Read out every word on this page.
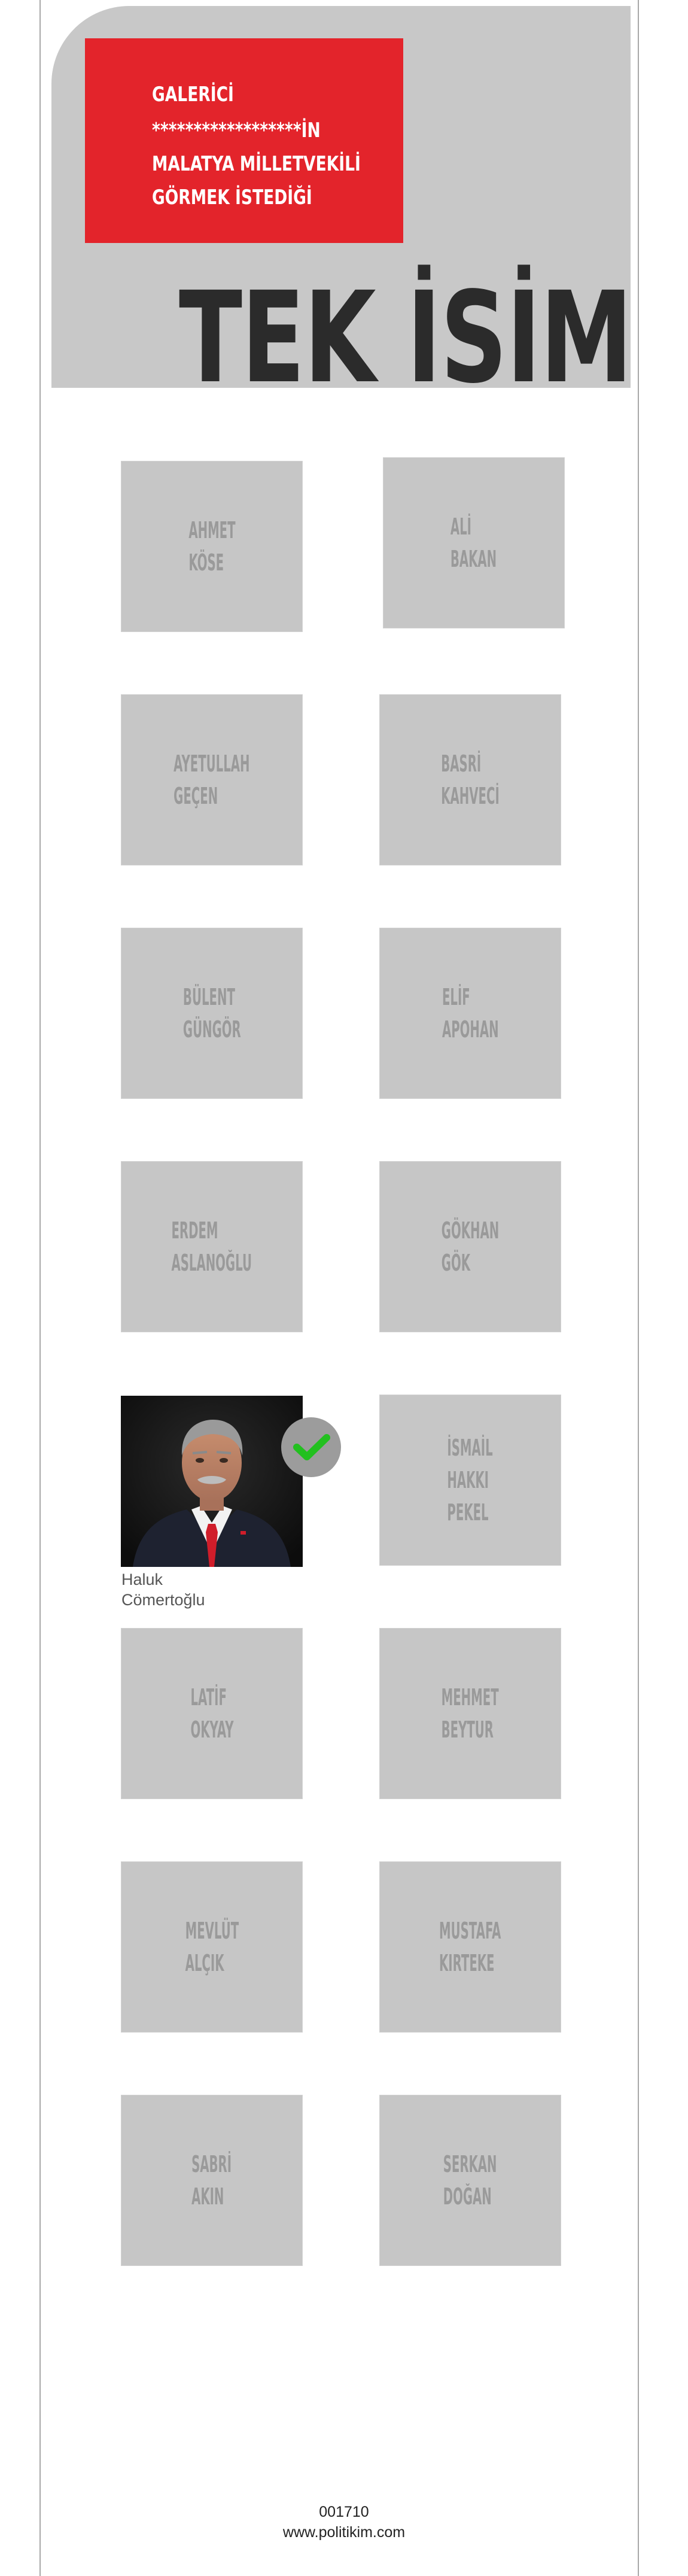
GALERİCİ
******************İN
MALATYA MİLLETVEKİLİ
GÖRMEK İSTEDİĞİ
TEK İSİM
AHMET
KÖSE
ALİ
BAKAN
AYETULLAH
GEÇEN
BASRİ
KAHVECİ
BÜLENT
GÜNGÖR
ELİF
APOHAN
ERDEM
ASLANOĞLU
GÖKHAN
GÖK
Haluk
Cömertoğlu
İSMAİL
HAKKI
PEKEL
LATİF
OKYAY
MEHMET
BEYTUR
MEVLÜT
ALÇIK
MUSTAFA
KIRTEKE
SABRİ
AKIN
SERKAN
DOĞAN
001710
www.politikim.com
